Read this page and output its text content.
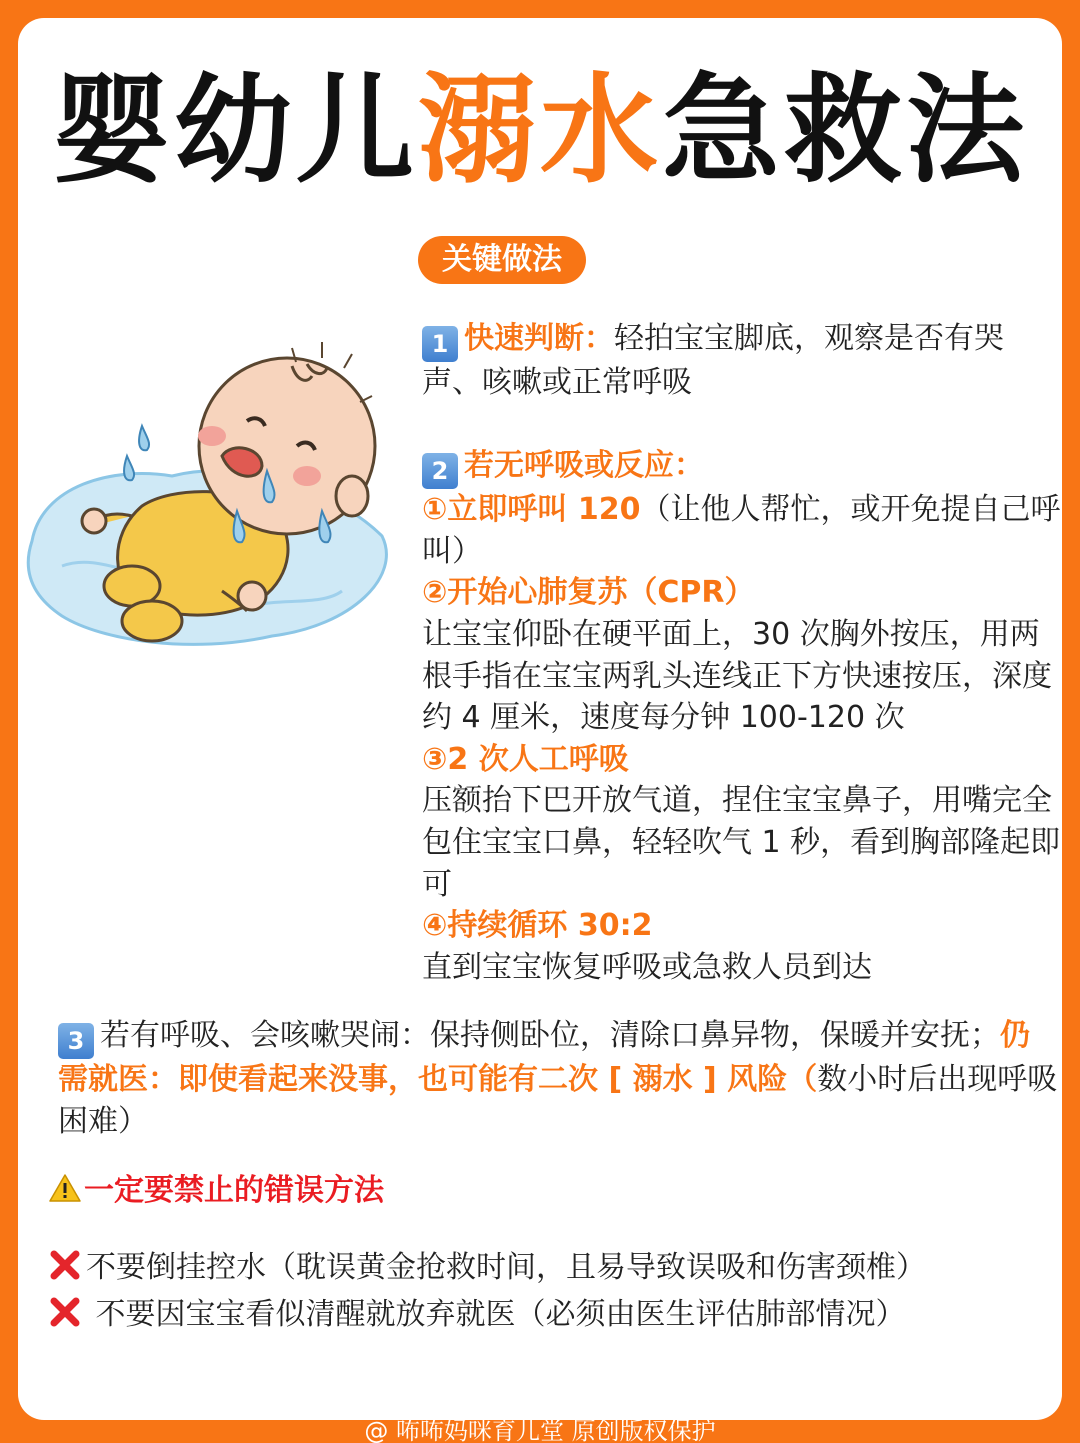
婴幼儿溺水急救法
关键做法
1 快速判断：轻拍宝宝脚底，观察是否有哭声、咳嗽或正常呼吸
2 若无呼吸或反应：
①立即呼叫 120（让他人帮忙，或开免提自己呼叫）
②开始心肺复苏（CPR）
让宝宝仰卧在硬平面上，30 次胸外按压，用两根手指在宝宝两乳头连线正下方快速按压，深度约 4 厘米，速度每分钟 100-120 次
③2 次人工呼吸
压额抬下巴开放气道，捏住宝宝鼻子，用嘴完全包住宝宝口鼻，轻轻吹气 1 秒，看到胸部隆起即可
④持续循环 30:2
直到宝宝恢复呼吸或急救人员到达
3 若有呼吸、会咳嗽哭闹：保持侧卧位，清除口鼻异物，保暖并安抚；仍需就医：即使看起来没事，也可能有二次 [ 溺水 ] 风险（数小时后出现呼吸困难）
一定要禁止的错误方法
不要倒挂控水（耽误黄金抢救时间，且易导致误吸和伤害颈椎）
不要因宝宝看似清醒就放弃就医（必须由医生评估肺部情况）
@ 咘咘妈咪育儿堂 原创版权保护
